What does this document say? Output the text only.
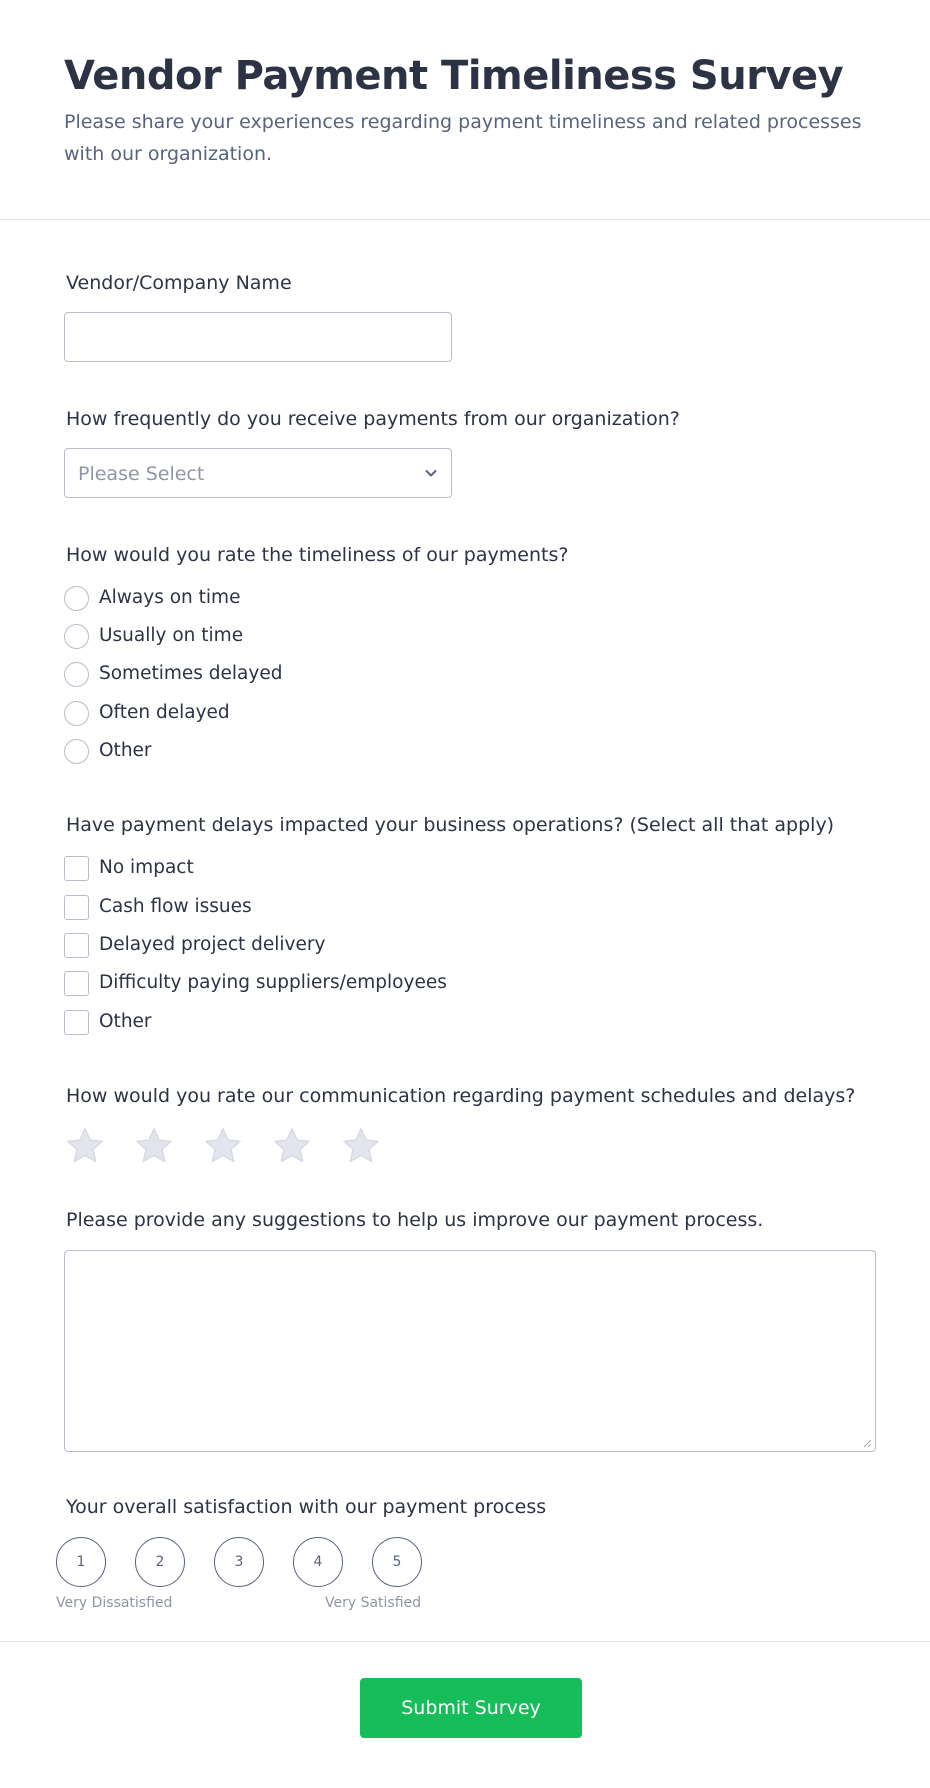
Vendor Payment Timeliness Survey

Please share your experiences regarding payment timeliness and related processes with our organization.

Vendor/Company Name
How frequently do you receive payments from our organization?
Please Select
How would you rate the timeliness of our payments?
Always on time
Usually on time
Sometimes delayed
Often delayed
Other
Have payment delays impacted your business operations? (Select all that apply)
No impact
Cash flow issues
Delayed project delivery
Difficulty paying suppliers/employees
Other
How would you rate our communication regarding payment schedules and delays?
Please provide any suggestions to help us improve our payment process.
Your overall satisfaction with our payment process
1	2	3	4	5
Very Dissatisfied	Very Satisfied
Submit Survey
